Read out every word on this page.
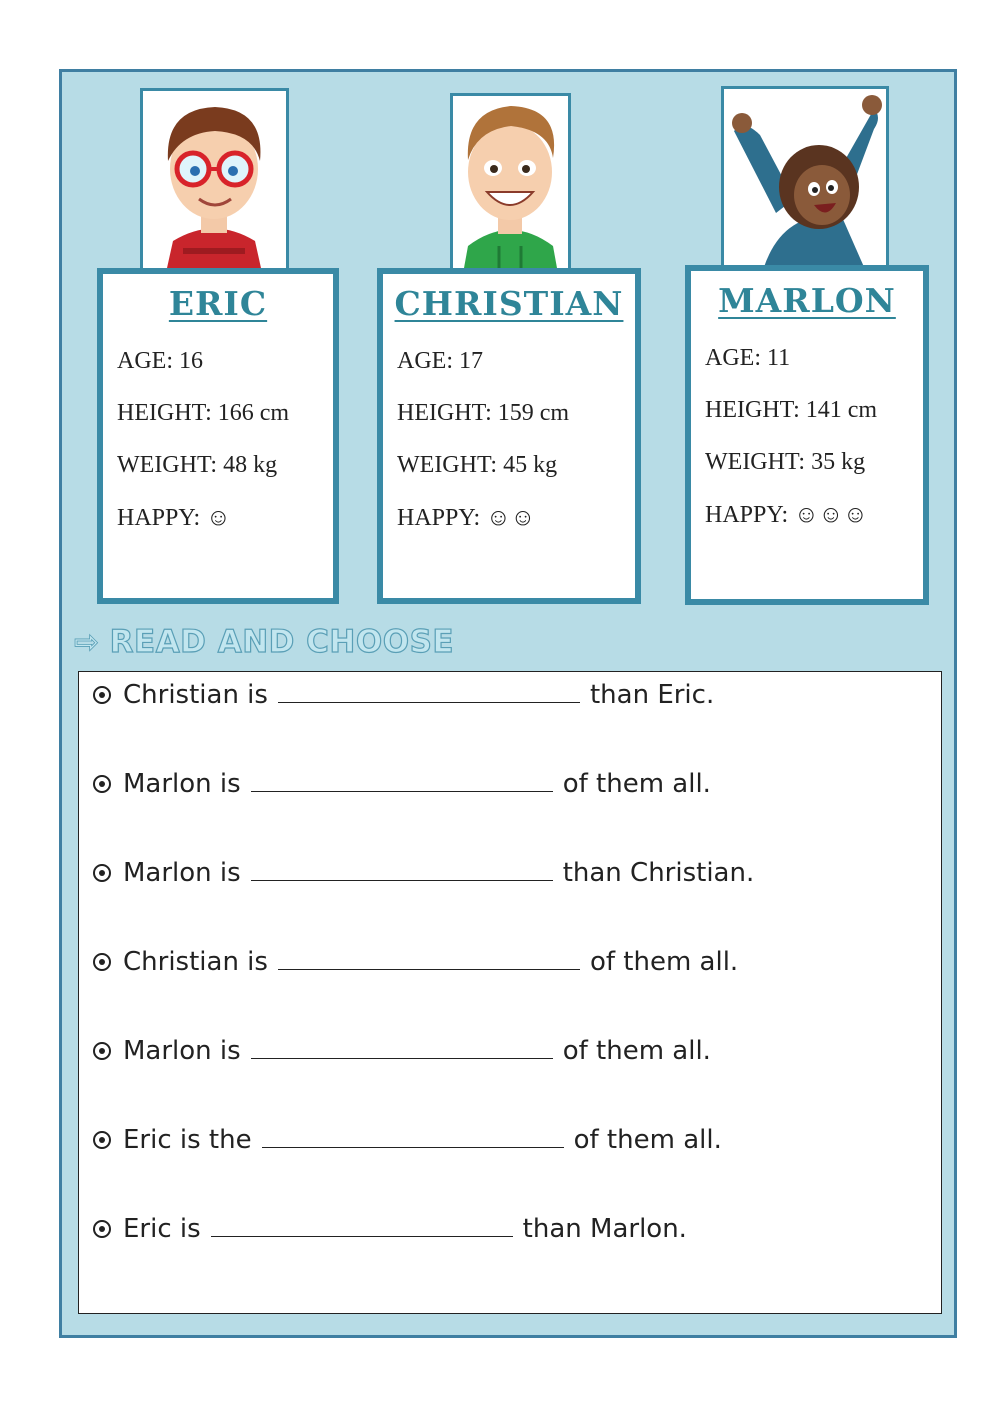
ERIC
AGE: 16
HEIGHT: 166 cm
WEIGHT: 48 kg
HAPPY: ☺
CHRISTIAN
AGE: 17
HEIGHT: 159 cm
WEIGHT: 45 kg
HAPPY: ☺☺
MARLON
AGE: 11
HEIGHT: 141 cm
WEIGHT: 35 kg
HAPPY: ☺☺☺
⇨ READ AND CHOOSE
Christian is	than Eric.
Marlon is	of them all.
Marlon is	than Christian.
Christian is	of them all.
Marlon is	of them all.
Eric is the	of them all.
Eric is	than Marlon.
